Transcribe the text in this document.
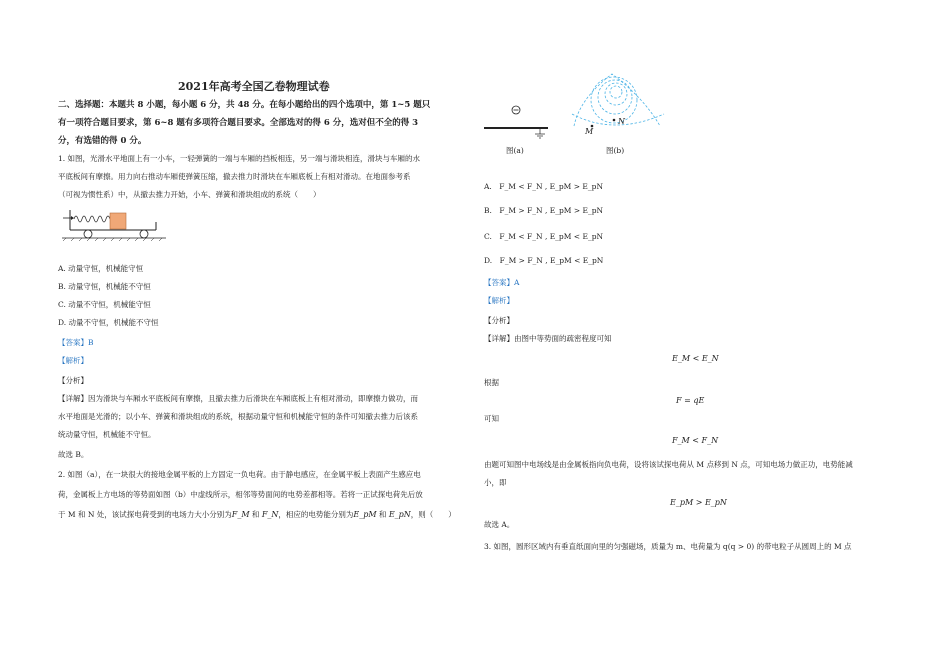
2021年高考全国乙卷物理试卷
二、选择题：本题共 8 小题，每小题 6 分，共 48 分。在每小题给出的四个选项中，第 1~5 题只
有一项符合题目要求，第 6~8 题有多项符合题目要求。全部选对的得 6 分，选对但不全的得 3
分，有选错的得 0 分。
1. 如图，光滑水平地面上有一小车，一轻弹簧的一端与车厢的挡板相连，另一端与滑块相连，滑块与车厢的水
平底板间有摩擦。用力向右推动车厢使弹簧压缩，撤去推力时滑块在车厢底板上有相对滑动。在地面参考系
（可视为惯性系）中，从撤去推力开始，小车、弹簧和滑块组成的系统（　　）
A. 动量守恒，机械能守恒
B. 动量守恒，机械能不守恒
C. 动量不守恒，机械能守恒
D. 动量不守恒，机械能不守恒
【答案】B
【解析】
【分析】
【详解】因为滑块与车厢水平底板间有摩擦，且撤去推力后滑块在车厢底板上有相对滑动，即摩擦力做功，而
水平地面是光滑的；以小车、弹簧和滑块组成的系统，根据动量守恒和机械能守恒的条件可知撤去推力后该系
统动量守恒，机械能不守恒。
故选 B。
2. 如图（a），在一块很大的接地金属平板的上方固定一负电荷。由于静电感应，在金属平板上表面产生感应电
荷，金属板上方电场的等势面如图（b）中虚线所示，相邻等势面间的电势差都相等。若将一正试探电荷先后放
于 M 和 N 处，该试探电荷受到的电场力大小分别为F_M 和 F_N，相应的电势能分别为E_pM 和 E_pN，则（　　）
图(a)
M
N
图(b)
A.　F_M < F_N , E_pM > E_pN
B.　F_M > F_N , E_pM > E_pN
C.　F_M < F_N , E_pM < E_pN
D.　F_M > F_N , E_pM < E_pN
【答案】A
【解析】
【分析】
【详解】由图中等势面的疏密程度可知
E_M < E_N
根据
F = qE
可知
F_M < F_N
由题可知图中电场线是由金属板指向负电荷，设将该试探电荷从 M 点移到 N 点，可知电场力做正功，电势能减
小，即
E_pM > E_pN
故选 A。
3. 如图，圆形区域内有垂直纸面向里的匀强磁场，质量为 m、电荷量为 q(q > 0) 的带电粒子从圆周上的 M 点
